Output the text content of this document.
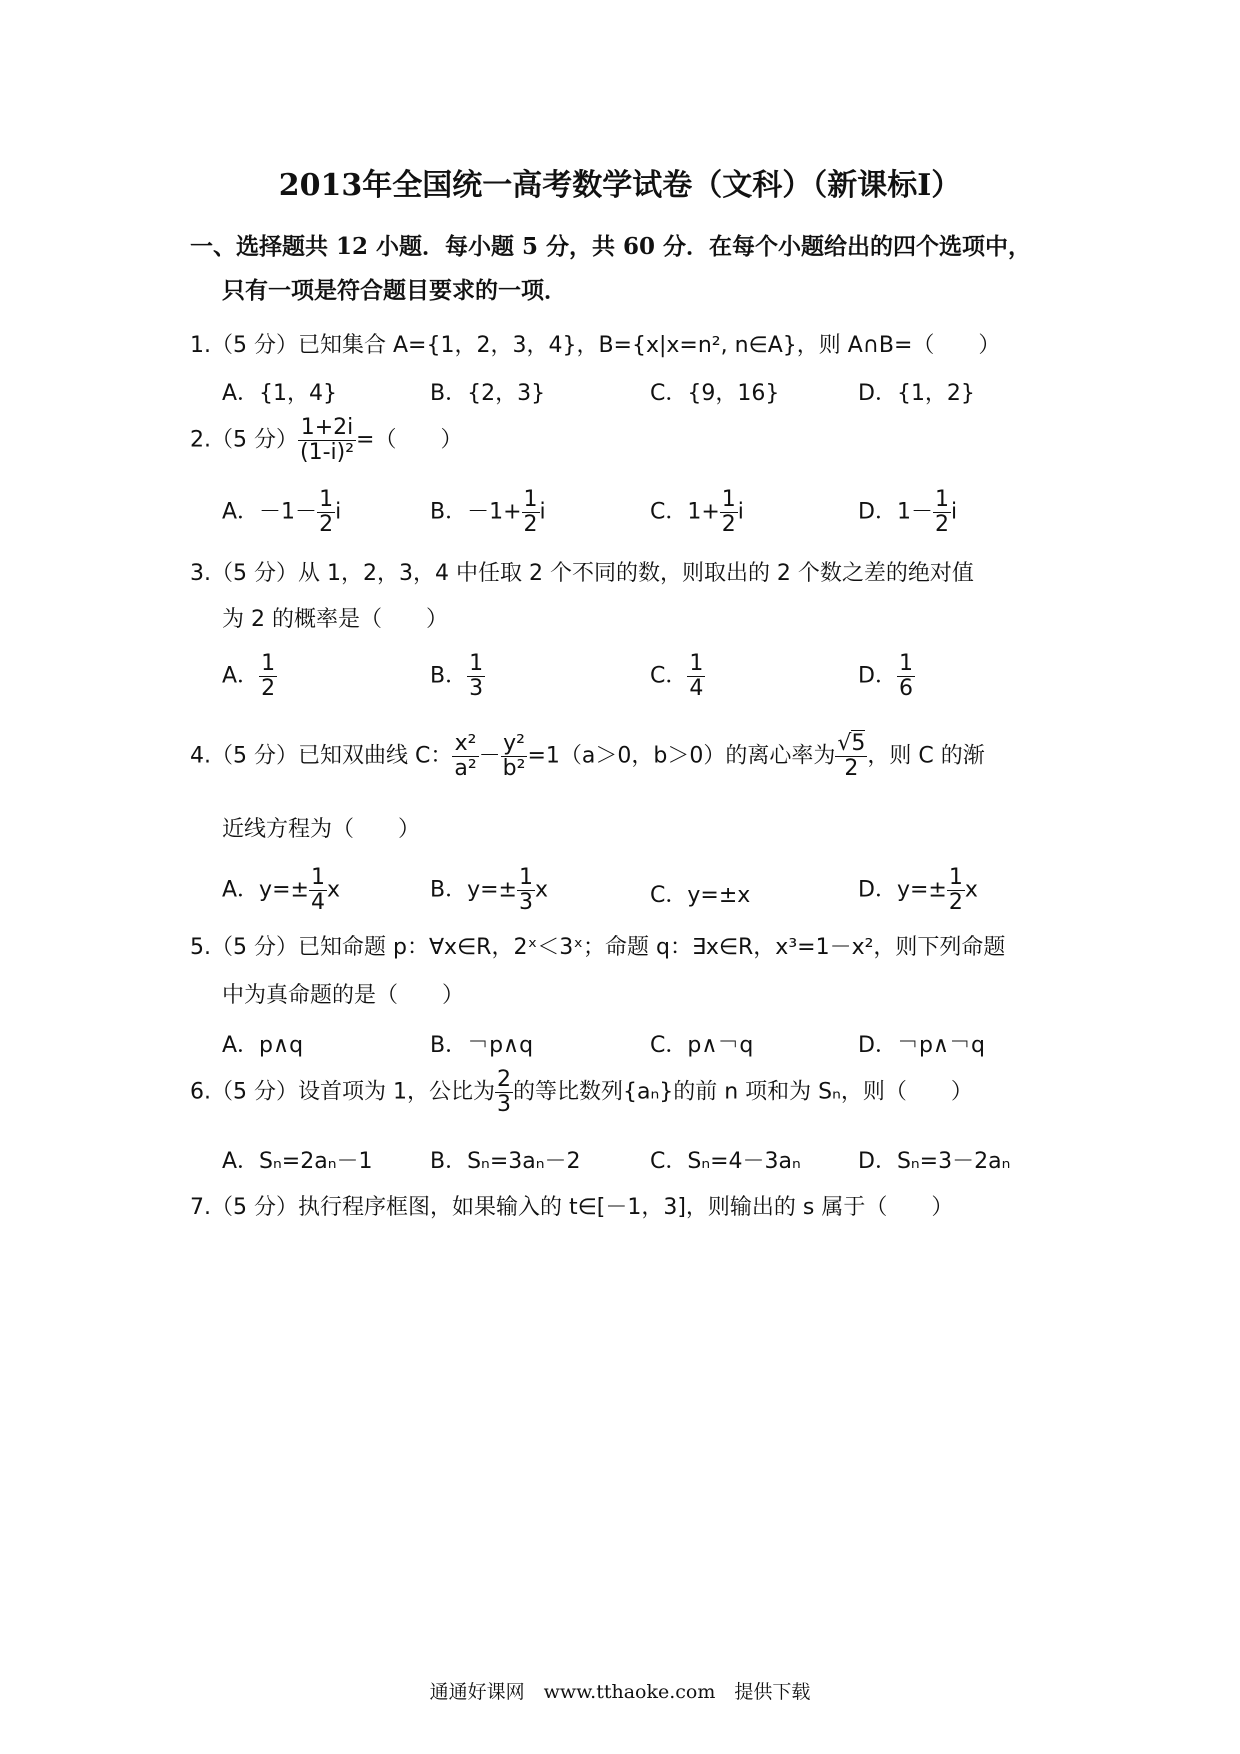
2013年全国统一高考数学试卷（文科）（新课标Ⅰ）
一、选择题共 12 小题．每小题 5 分，共 60 分．在每个小题给出的四个选项中，
只有一项是符合题目要求的一项．
1.（5 分）已知集合 A={1，2，3，4}，B={x|x=n², n∈A}，则 A∩B=（　　）
A．{1，4}	B．{2，3}	C．{9，16}	D．{1，2}
2.（5 分） $\frac{1+2i}{\text{(1-i)²}}$ =（　　）
A．$-1- \frac{1}{2}$ i	B．$-1+ \frac{1}{2}$ i	C．$1+ \frac{1}{2}$ i	D．$1- \frac{1}{2}$ i
3.（5 分）从 1，2，3，4 中任取 2 个不同的数，则取出的 2 个数之差的绝对值
为 2 的概率是（　　）
A． $\frac{1}{2}$	B． $\frac{1}{3}$	C． $\frac{1}{4}$	D． $\frac{1}{6}$
4.（5 分）已知双曲线 C： $\frac{\text{x²}}{\text{a²}} - \frac{\text{y²}}{\text{b²}} =1(a>0$，b＞0）的离心率为 $\frac{√5}{2}$ ，则 C 的渐
近线方程为（　　）
A．$y=\pm \frac{1}{4}$ x	B．$y=\pm \frac{1}{3}$ x	C．y=±x	D．$y=\pm \frac{1}{2}$ x
5.（5 分）已知命题 p：∀x∈R，2ˣ＜3ˣ；命题 q：∃x∈R，x³=1－x²，则下列命题
中为真命题的是（　　）
A．p∧q	B．￢p∧q	C．p∧￢q	D．￢p∧￢q
6.（5 分）设首项为 1，公比为 $\frac{2}{3}$ 的等比数列{aₙ}的前 n 项和为 Sₙ，则（　　）
A．Sₙ=2aₙ－1	B．Sₙ=3aₙ－2	C．Sₙ=4－3aₙ	D．Sₙ=3－2aₙ
7.（5 分）执行程序框图，如果输入的 t∈[－1，3]，则输出的 s 属于（　　）
通通好课网　www.tthaoke.com　提供下载
